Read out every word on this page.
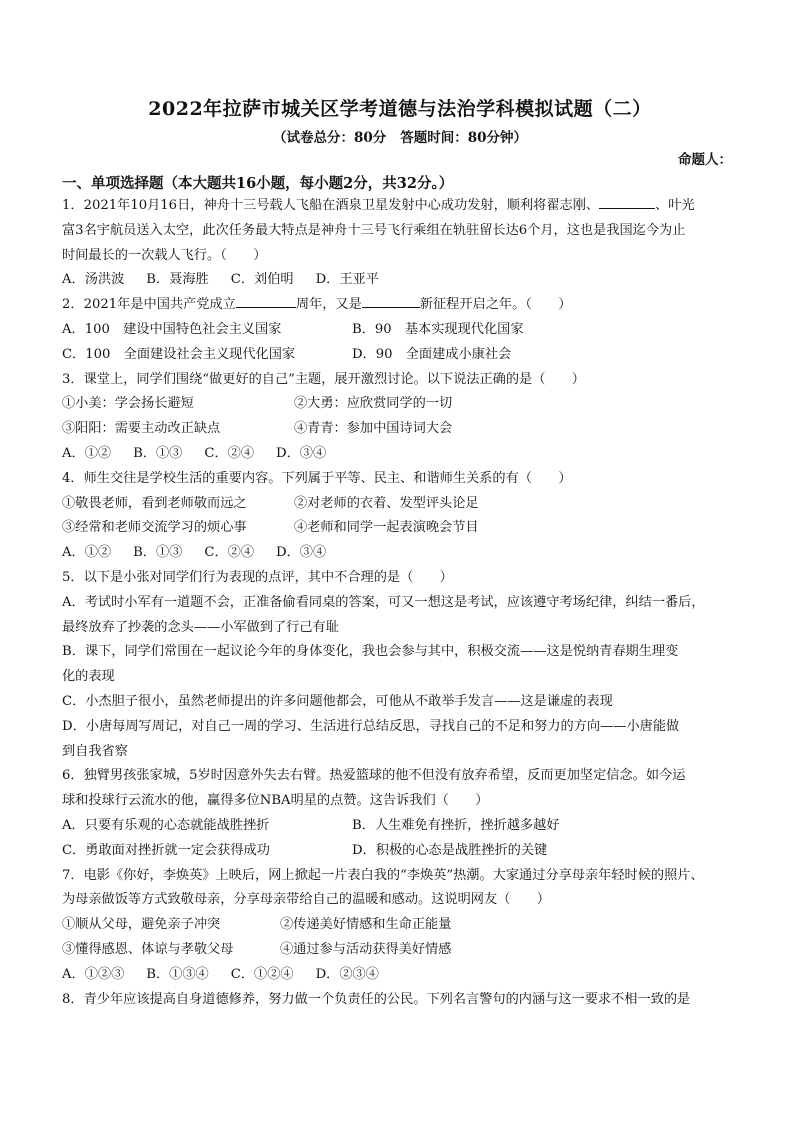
2022年拉萨市城关区学考道德与法治学科模拟试题（二）
（试卷总分：80分 答题时间：80分钟）
命题人：
一、单项选择题（本大题共16小题，每小题2分，共32分。）
1．2021年10月16日，神舟十三号载人飞船在酒泉卫星发射中心成功发射，顺利将翟志刚、	、叶光
富3名宇航员送入太空，此次任务最大特点是神舟十三号飞行乘组在轨驻留长达6个月，这也是我国迄今为止
时间最长的一次载人飞行。（　　）
A．汤洪波 B．聂海胜 C．刘伯明 D．王亚平
2．2021年是中国共产党成立	周年，又是	新征程开启之年。（　　）
A．100　建设中国特色社会主义国家	B．90　基本实现现代化国家
C．100　全面建设社会主义现代化国家	D．90　全面建成小康社会
3．课堂上，同学们围绕“做更好的自己”主题，展开激烈讨论。以下说法正确的是（　　）
①小美：学会扬长避短	②大勇：应欣赏同学的一切
③阳阳：需要主动改正缺点	④青青：参加中国诗词大会
A．①② B．①③ C．②④ D．③④
4．师生交往是学校生活的重要内容。下列属于平等、民主、和谐师生关系的有（　　）
①敬畏老师，看到老师敬而远之	②对老师的衣着、发型评头论足
③经常和老师交流学习的烦心事	④老师和同学一起表演晚会节目
A．①② B．①③ C．②④ D．③④
5．以下是小张对同学们行为表现的点评，其中不合理的是（　　）
A．考试时小军有一道题不会，正准备偷看同桌的答案，可又一想这是考试，应该遵守考场纪律，纠结一番后，
最终放弃了抄袭的念头——小军做到了行己有耻
B．课下，同学们常围在一起议论今年的身体变化，我也会参与其中，积极交流——这是悦纳青春期生理变
化的表现
C．小杰胆子很小，虽然老师提出的许多问题他都会，可他从不敢举手发言——这是谦虚的表现
D．小唐每周写周记，对自己一周的学习、生活进行总结反思，寻找自己的不足和努力的方向——小唐能做
到自我省察
6．独臂男孩张家城，5岁时因意外失去右臂。热爱篮球的他不但没有放弃希望，反而更加坚定信念。如今运
球和投球行云流水的他，赢得多位NBA明星的点赞。这告诉我们（　　）
A．只要有乐观的心态就能战胜挫折	B．人生难免有挫折，挫折越多越好
C．勇敢面对挫折就一定会获得成功	D．积极的心态是战胜挫折的关键
7．电影《你好，李焕英》上映后，网上掀起一片表白我的“李焕英”热潮。大家通过分享母亲年轻时候的照片、
为母亲做饭等方式致敬母亲，分享母亲带给自己的温暖和感动。这说明网友（　　）
①顺从父母，避免亲子冲突	②传递美好情感和生命正能量
③懂得感恩、体谅与孝敬父母	④通过参与活动获得美好情感
A．①②③ B．①③④ C．①②④ D．②③④
8．青少年应该提高自身道德修养，努力做一个负责任的公民。下列名言警句的内涵与这一要求不相一致的是
